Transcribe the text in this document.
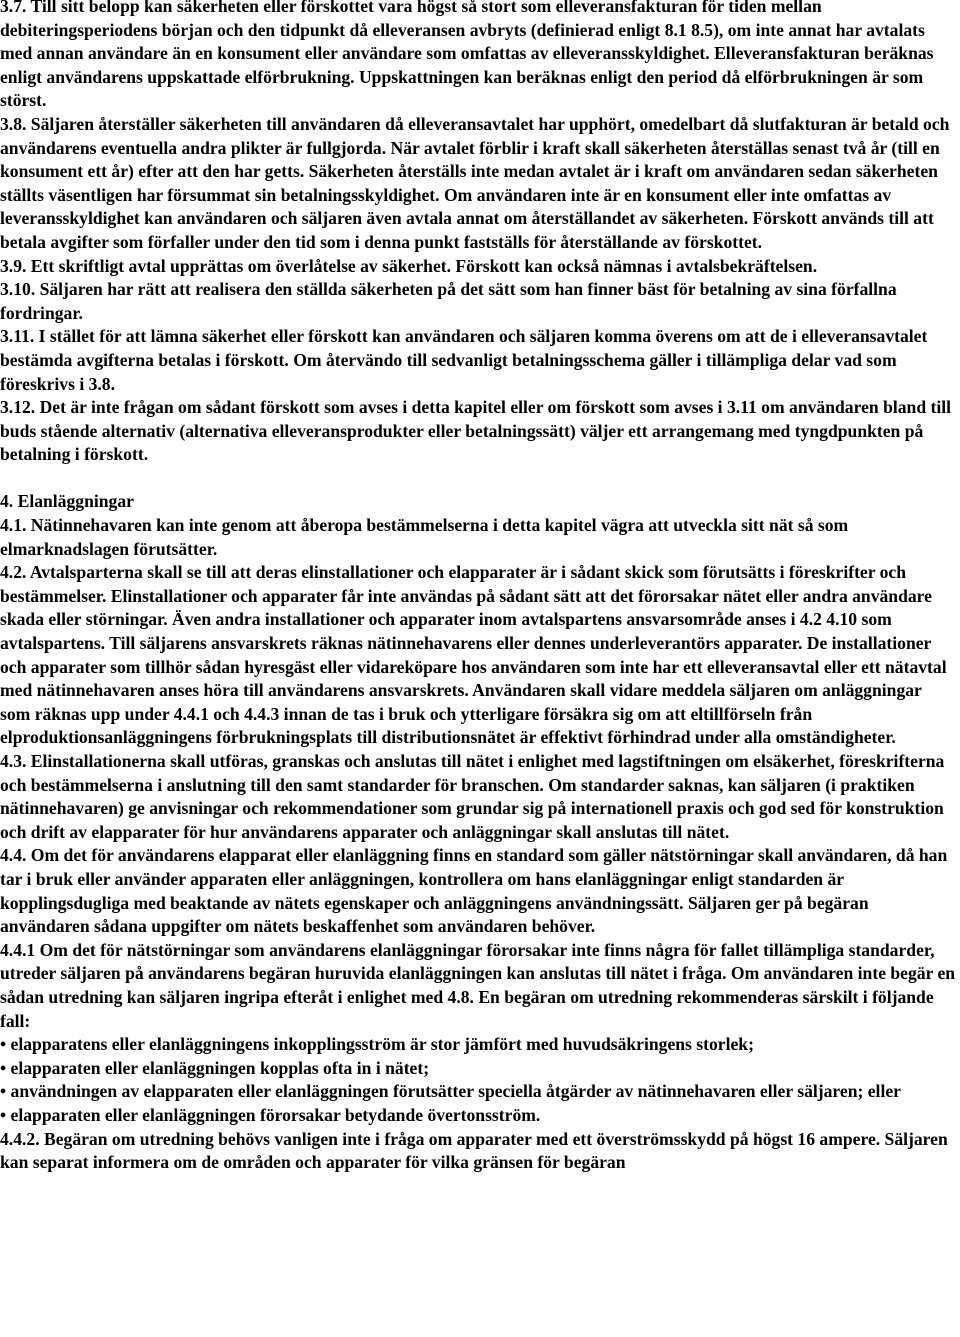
3.7. Till sitt belopp kan säkerheten eller förskottet vara högst så stort som elleveransfakturan för tiden mellan debiteringsperiodens början och den tidpunkt då elleveransen avbryts (definierad enligt 8.1 8.5), om inte annat har avtalats med annan användare än en konsument eller användare som omfattas av elleveransskyldighet. Elleveransfakturan beräknas enligt användarens uppskattade elförbrukning. Uppskattningen kan beräknas enligt den period då elförbrukningen är som störst.

3.8. Säljaren återställer säkerheten till användaren då elleveransavtalet har upphört, omedelbart då slutfakturan är betald och användarens eventuella andra plikter är fullgjorda. När avtalet förblir i kraft skall säkerheten återställas senast två år (till en konsument ett år) efter att den har getts. Säkerheten återställs inte medan avtalet är i kraft om användaren sedan säkerheten ställts väsentligen har försummat sin betalningsskyldighet. Om användaren inte är en konsument eller inte omfattas av leveransskyldighet kan användaren och säljaren även avtala annat om återställandet av säkerheten. Förskott används till att betala avgifter som förfaller under den tid som i denna punkt fastställs för återställande av förskottet.

3.9. Ett skriftligt avtal upprättas om överlåtelse av säkerhet. Förskott kan också nämnas i avtalsbekräftelsen.

3.10. Säljaren har rätt att realisera den ställda säkerheten på det sätt som han finner bäst för betalning av sina förfallna fordringar.

3.11. I stället för att lämna säkerhet eller förskott kan användaren och säljaren komma överens om att de i elleveransavtalet bestämda avgifterna betalas i förskott. Om återvändo till sedvanligt betalningsschema gäller i tillämpliga delar vad som föreskrivs i 3.8.

3.12. Det är inte frågan om sådant förskott som avses i detta kapitel eller om förskott som avses i 3.11 om användaren bland till buds stående alternativ (alternativa elleveransprodukter eller betalningssätt) väljer ett arrangemang med tyngdpunkten på betalning i förskott.

4. Elanläggningar

4.1. Nätinnehavaren kan inte genom att åberopa bestämmelserna i detta kapitel vägra att utveckla sitt nät så som elmarknadslagen förutsätter.

4.2. Avtalsparterna skall se till att deras elinstallationer och elapparater är i sådant skick som förutsätts i föreskrifter och bestämmelser. Elinstallationer och apparater får inte användas på sådant sätt att det förorsakar nätet eller andra användare skada eller störningar. Även andra installationer och apparater inom avtalspartens ansvarsområde anses i 4.2 4.10 som avtalspartens. Till säljarens ansvarskrets räknas nätinnehavarens eller dennes underleverantörs apparater. De installationer och apparater som tillhör sådan hyresgäst eller vidareköpare hos användaren som inte har ett elleveransavtal eller ett nätavtal med nätinnehavaren anses höra till användarens ansvarskrets. Användaren skall vidare meddela säljaren om anläggningar som räknas upp under 4.4.1 och 4.4.3 innan de tas i bruk och ytterligare försäkra sig om att eltillförseln från elproduktionsanläggningens förbrukningsplats till distributionsnätet är effektivt förhindrad under alla omständigheter.

4.3. Elinstallationerna skall utföras, granskas och anslutas till nätet i enlighet med lagstiftningen om elsäkerhet, föreskrifterna och bestämmelserna i anslutning till den samt standarder för branschen. Om standarder saknas, kan säljaren (i praktiken nätinnehavaren) ge anvisningar och rekommendationer som grundar sig på internationell praxis och god sed för konstruktion och drift av elapparater för hur användarens apparater och anläggningar skall anslutas till nätet.

4.4. Om det för användarens elapparat eller elanläggning finns en standard som gäller nätstörningar skall användaren, då han tar i bruk eller använder apparaten eller anläggningen, kontrollera om hans elanläggningar enligt standarden är kopplingsdugliga med beaktande av nätets egenskaper och anläggningens användningssätt. Säljaren ger på begäran användaren sådana uppgifter om nätets beskaffenhet som användaren behöver.

4.4.1 Om det för nätstörningar som användarens elanläggningar förorsakar inte finns några för fallet tillämpliga standarder, utreder säljaren på användarens begäran huruvida elanläggningen kan anslutas till nätet i fråga. Om användaren inte begär en sådan utredning kan säljaren ingripa efteråt i enlighet med 4.8. En begäran om utredning rekommenderas särskilt i följande fall:

• elapparatens eller elanläggningens inkopplingsström är stor jämfört med huvudsäkringens storlek;

• elapparaten eller elanläggningen kopplas ofta in i nätet;

• användningen av elapparaten eller elanläggningen förutsätter speciella åtgärder av nätinnehavaren eller säljaren; eller

• elapparaten eller elanläggningen förorsakar betydande övertonsström.

4.4.2. Begäran om utredning behövs vanligen inte i fråga om apparater med ett överströmsskydd på högst 16 ampere. Säljaren kan separat informera om de områden och apparater för vilka gränsen för begäran
